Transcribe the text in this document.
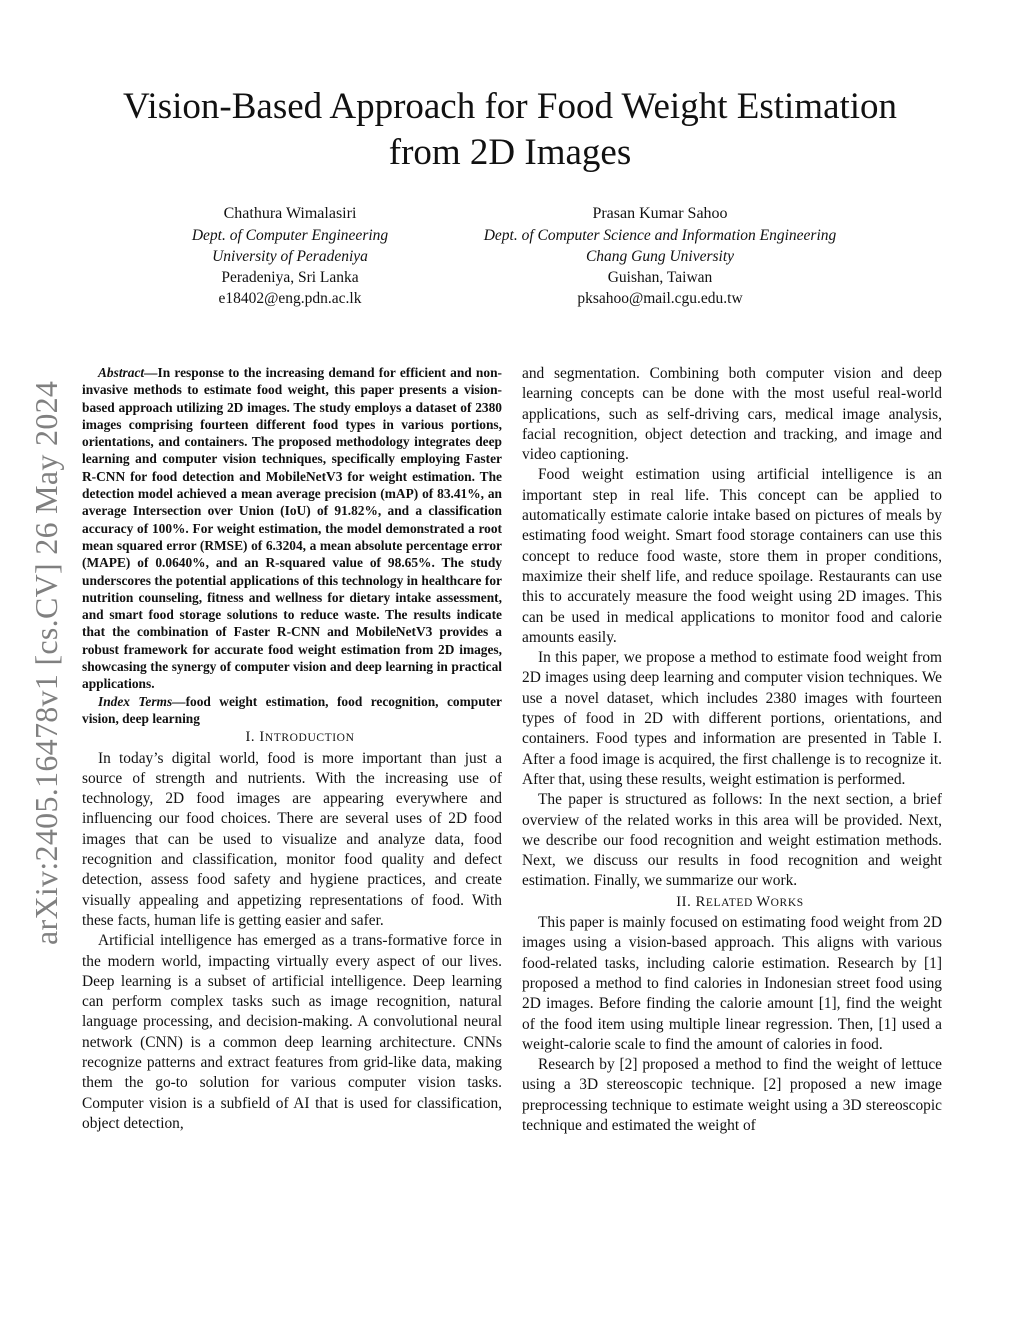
arXiv:2405.16478v1 [cs.CV] 26 May 2024
Vision-Based Approach for Food Weight Estimation
from 2D Images
Chathura Wimalasiri
Dept. of Computer Engineering
University of Peradeniya
Peradeniya, Sri Lanka
e18402@eng.pdn.ac.lk
Prasan Kumar Sahoo
Dept. of Computer Science and Information Engineering
Chang Gung University
Guishan, Taiwan
pksahoo@mail.cgu.edu.tw

Abstract—In response to the increasing demand for efficient and non-invasive methods to estimate food weight, this paper presents a vision-based approach utilizing 2D images. The study employs a dataset of 2380 images comprising fourteen different food types in various portions, orientations, and containers. The proposed methodology integrates deep learning and computer vision techniques, specifically employing Faster R-CNN for food detection and MobileNetV3 for weight estimation. The detection model achieved a mean average precision (mAP) of 83.41%, an average Intersection over Union (IoU) of 91.82%, and a classification accuracy of 100%. For weight estimation, the model demonstrated a root mean squared error (RMSE) of 6.3204, a mean absolute percentage error (MAPE) of 0.0640%, and an R-squared value of 98.65%. The study underscores the potential applications of this technology in healthcare for nutrition counseling, fitness and wellness for dietary intake assessment, and smart food storage solutions to reduce waste. The results indicate that the combination of Faster R-CNN and MobileNetV3 provides a robust framework for accurate food weight estimation from 2D images, showcasing the synergy of computer vision and deep learning in practical applications.

Index Terms—food weight estimation, food recognition, computer vision, deep learning

I. INTRODUCTION

In today’s digital world, food is more important than just a source of strength and nutrients. With the increasing use of technology, 2D food images are appearing everywhere and influencing our food choices. There are several uses of 2D food images that can be used to visualize and analyze data, food recognition and classification, monitor food quality and defect detection, assess food safety and hygiene practices, and create visually appealing and appetizing representations of food. With these facts, human life is getting easier and safer.

Artificial intelligence has emerged as a trans-formative force in the modern world, impacting virtually every aspect of our lives. Deep learning is a subset of artificial intelligence. Deep learning can perform complex tasks such as image recognition, natural language processing, and decision-making. A convolutional neural network (CNN) is a common deep learning architecture. CNNs recognize patterns and extract features from grid-like data, making them the go-to solution for various computer vision tasks. Computer vision is a subfield of AI that is used for classification, object detection,

and segmentation. Combining both computer vision and deep learning concepts can be done with the most useful real-world applications, such as self-driving cars, medical image analysis, facial recognition, object detection and tracking, and image and video captioning.

Food weight estimation using artificial intelligence is an important step in real life. This concept can be applied to automatically estimate calorie intake based on pictures of meals by estimating food weight. Smart food storage containers can use this concept to reduce food waste, store them in proper conditions, maximize their shelf life, and reduce spoilage. Restaurants can use this to accurately measure the food weight using 2D images. This can be used in medical applications to monitor food and calorie amounts easily.

In this paper, we propose a method to estimate food weight from 2D images using deep learning and computer vision techniques. We use a novel dataset, which includes 2380 images with fourteen types of food in 2D with different portions, orientations, and containers. Food types and information are presented in Table I. After a food image is acquired, the first challenge is to recognize it. After that, using these results, weight estimation is performed.

The paper is structured as follows: In the next section, a brief overview of the related works in this area will be provided. Next, we describe our food recognition and weight estimation methods. Next, we discuss our results in food recognition and weight estimation. Finally, we summarize our work.

II. RELATED WORKS

This paper is mainly focused on estimating food weight from 2D images using a vision-based approach. This aligns with various food-related tasks, including calorie estimation. Research by [1] proposed a method to find calories in Indonesian street food using 2D images. Before finding the calorie amount [1], find the weight of the food item using multiple linear regression. Then, [1] used a weight-calorie scale to find the amount of calories in food.

Research by [2] proposed a method to find the weight of lettuce using a 3D stereoscopic technique. [2] proposed a new image preprocessing technique to estimate weight using a 3D stereoscopic technique and estimated the weight of
